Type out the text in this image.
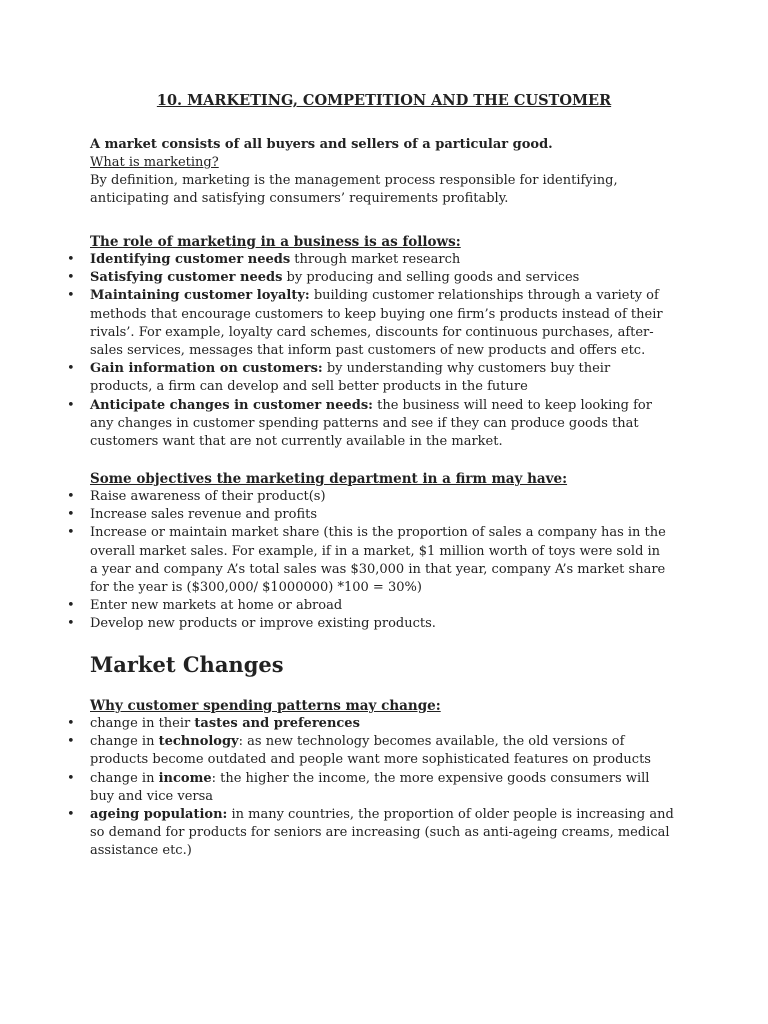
10. MARKETING, COMPETITION AND THE CUSTOMER

A market consists of all buyers and sellers of a particular good.

What is marketing?

By definition, marketing is the management process responsible for identifying,

anticipating and satisfying consumers’ requirements profitably.

The role of marketing in a business is as follows:
• Identifying customer needs through market research
• Satisfying customer needs by producing and selling goods and services
• Maintaining customer loyalty: building customer relationships through a variety of methods that encourage customers to keep buying one firm’s products instead of their rivals’. For example, loyalty card schemes, discounts for continuous purchases, after-sales services, messages that inform past customers of new products and offers etc.
• Gain information on customers: by understanding why customers buy their products, a firm can develop and sell better products in the future
• Anticipate changes in customer needs: the business will need to keep looking for any changes in customer spending patterns and see if they can produce goods that customers want that are not currently available in the market.
Some objectives the marketing department in a firm may have:
• Raise awareness of their product(s)
• Increase sales revenue and profits
• Increase or maintain market share (this is the proportion of sales a company has in the overall market sales. For example, if in a market, $1 million worth of toys were sold in a year and company A’s total sales was $30,000 in that year, company A’s market share for the year is ($300,000/ $1000000) *100 = 30%)
• Enter new markets at home or abroad
• Develop new products or improve existing products.
Market Changes
Why customer spending patterns may change:
• change in their tastes and preferences
• change in technology: as new technology becomes available, the old versions of products become outdated and people want more sophisticated features on products
• change in income: the higher the income, the more expensive goods consumers will buy and vice versa
• ageing population: in many countries, the proportion of older people is increasing and so demand for products for seniors are increasing (such as anti-ageing creams, medical assistance etc.)
